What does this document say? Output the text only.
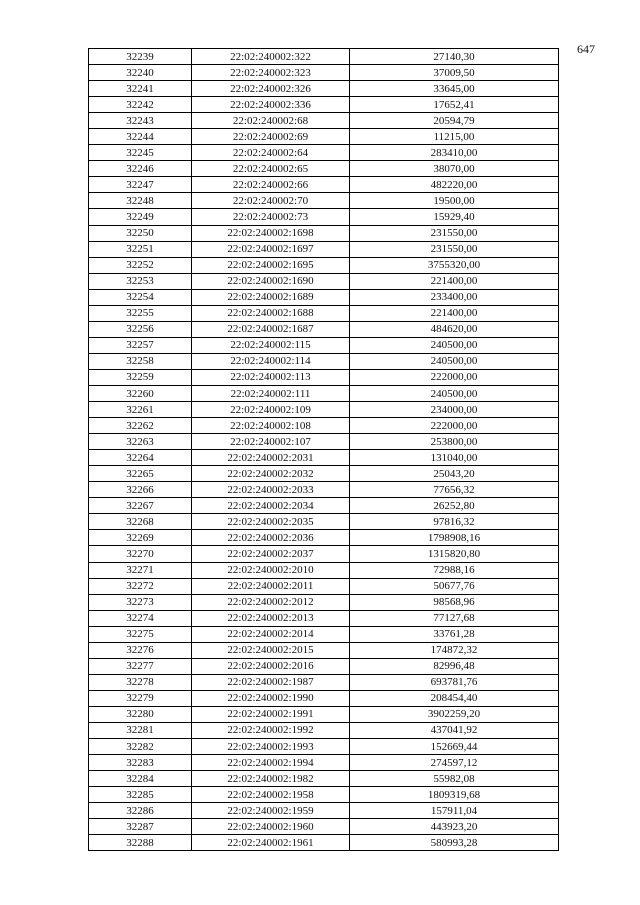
647
32239	22:02:240002:322	27140,30
32240	22:02:240002:323	37009,50
32241	22:02:240002:326	33645,00
32242	22:02:240002:336	17652,41
32243	22:02:240002:68	20594,79
32244	22:02:240002:69	11215,00
32245	22:02:240002:64	283410,00
32246	22:02:240002:65	38070,00
32247	22:02:240002:66	482220,00
32248	22:02:240002:70	19500,00
32249	22:02:240002:73	15929,40
32250	22:02:240002:1698	231550,00
32251	22:02:240002:1697	231550,00
32252	22:02:240002:1695	3755320,00
32253	22:02:240002:1690	221400,00
32254	22:02:240002:1689	233400,00
32255	22:02:240002:1688	221400,00
32256	22:02:240002:1687	484620,00
32257	22:02:240002:115	240500,00
32258	22:02:240002:114	240500,00
32259	22:02:240002:113	222000,00
32260	22:02:240002:111	240500,00
32261	22:02:240002:109	234000,00
32262	22:02:240002:108	222000,00
32263	22:02:240002:107	253800,00
32264	22:02:240002:2031	131040,00
32265	22:02:240002:2032	25043,20
32266	22:02:240002:2033	77656,32
32267	22:02:240002:2034	26252,80
32268	22:02:240002:2035	97816,32
32269	22:02:240002:2036	1798908,16
32270	22:02:240002:2037	1315820,80
32271	22:02:240002:2010	72988,16
32272	22:02:240002:2011	50677,76
32273	22:02:240002:2012	98568,96
32274	22:02:240002:2013	77127,68
32275	22:02:240002:2014	33761,28
32276	22:02:240002:2015	174872,32
32277	22:02:240002:2016	82996,48
32278	22:02:240002:1987	693781,76
32279	22:02:240002:1990	208454,40
32280	22:02:240002:1991	3902259,20
32281	22:02:240002:1992	437041,92
32282	22:02:240002:1993	152669,44
32283	22:02:240002:1994	274597,12
32284	22:02:240002:1982	55982,08
32285	22:02:240002:1958	1809319,68
32286	22:02:240002:1959	157911,04
32287	22:02:240002:1960	443923,20
32288	22:02:240002:1961	580993,28
